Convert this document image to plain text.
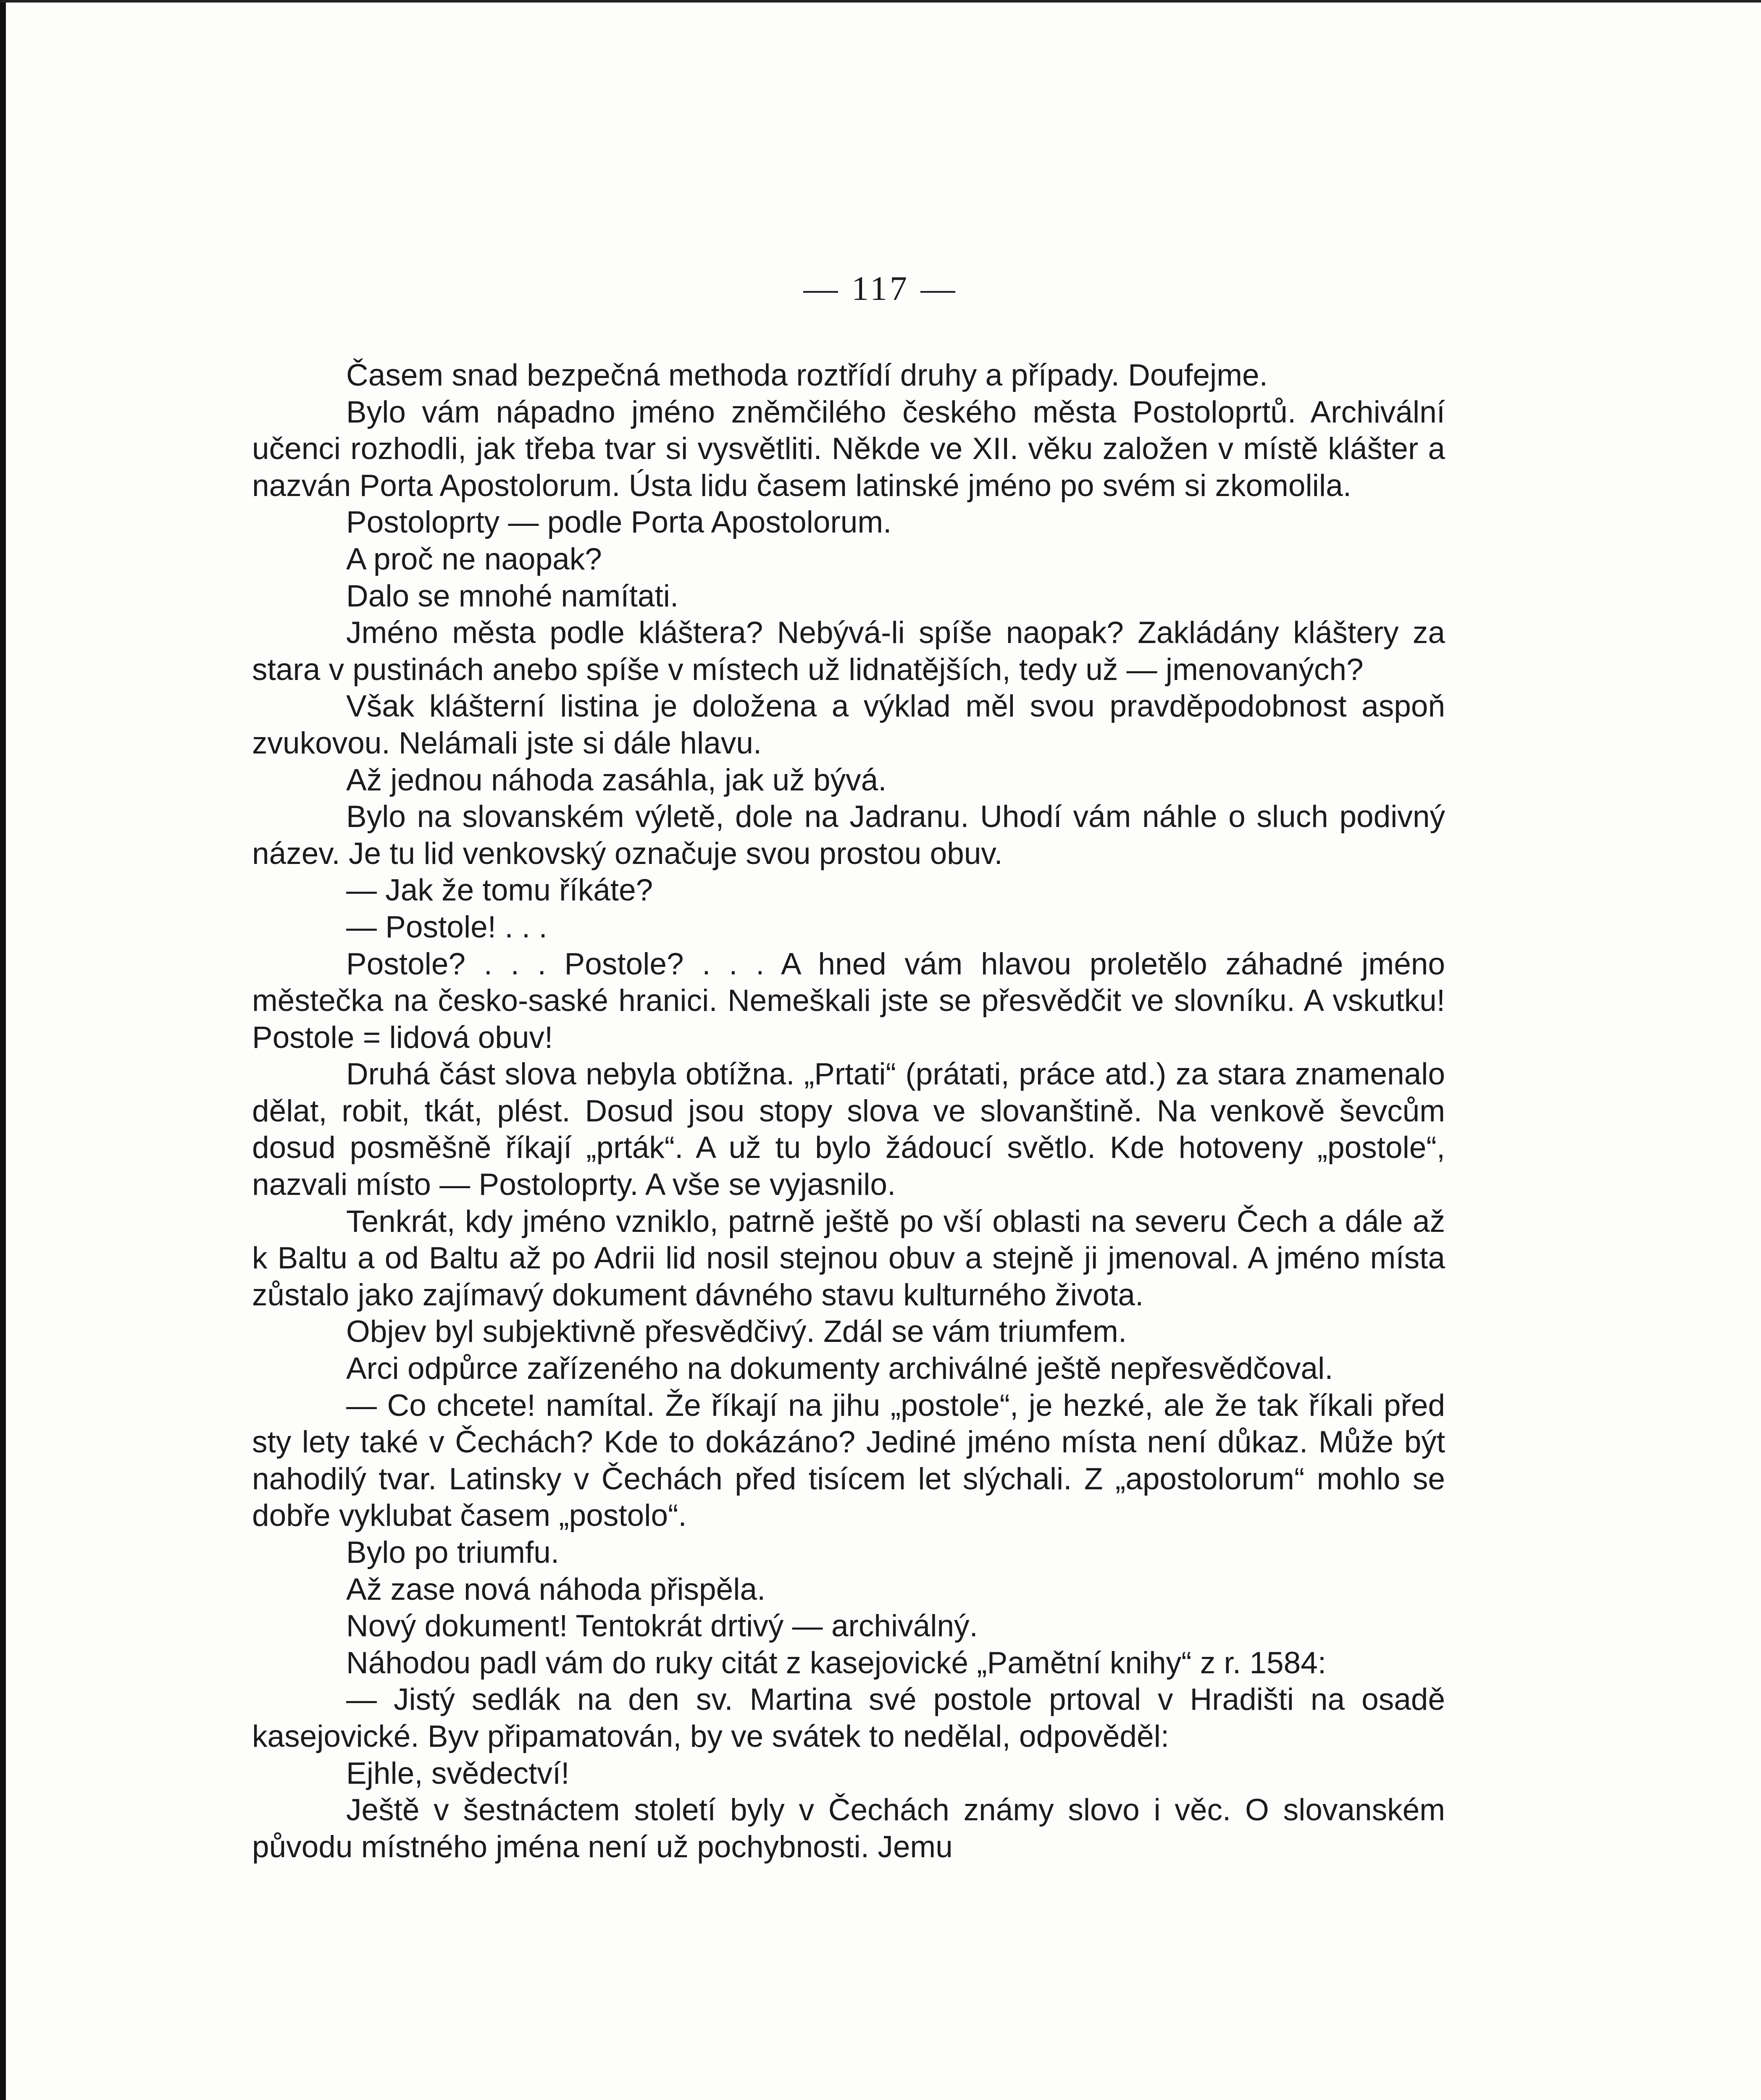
— 117 —

Časem snad bezpečná methoda roztřídí druhy a případy. Doufejme.

Bylo vám nápadno jméno zněmčilého českého města Postoloprtů. Archivální učenci rozhodli, jak třeba tvar si vysvětliti. Někde ve XII. věku založen v místě klášter a nazván Porta Apostolorum. Ústa lidu časem latinské jméno po svém si zkomolila.

Postoloprty — podle Porta Apostolorum.

A proč ne naopak?

Dalo se mnohé namítati.

Jméno města podle kláštera? Nebývá-li spíše naopak? Zakládány kláštery za stara v pustinách anebo spíše v místech už lidnatějších, tedy už — jmenovaných?

Však klášterní listina je doložena a výklad měl svou pravděpodobnost aspoň zvukovou. Nelámali jste si dále hlavu.

Až jednou náhoda zasáhla, jak už bývá.

Bylo na slovanském výletě, dole na Jadranu. Uhodí vám náhle o sluch podivný název. Je tu lid venkovský označuje svou prostou obuv.

— Jak že tomu říkáte?

— Postole! . . .

Postole? . . . Postole? . . . A hned vám hlavou proletělo záhadné jméno městečka na česko-saské hranici. Nemeškali jste se přesvědčit ve slovníku. A vskutku! Postole = lidová obuv!

Druhá část slova nebyla obtížna. „Prtati“ (prátati, práce atd.) za stara znamenalo dělat, robit, tkát, plést. Dosud jsou stopy slova ve slovanštině. Na venkově ševcům dosud posměšně říkají „prták“. A už tu bylo žádoucí světlo. Kde hotoveny „postole“, nazvali místo — Postoloprty. A vše se vyjasnilo.

Tenkrát, kdy jméno vzniklo, patrně ještě po vší oblasti na severu Čech a dále až k Baltu a od Baltu až po Adrii lid nosil stejnou obuv a stejně ji jmenoval. A jméno místa zůstalo jako zajímavý dokument dávného stavu kulturného života.

Objev byl subjektivně přesvědčivý. Zdál se vám triumfem.

Arci odpůrce zařízeného na dokumenty archiválné ještě nepřesvědčoval.

— Co chcete! namítal. Že říkají na jihu „postole“, je hezké, ale že tak říkali před sty lety také v Čechách? Kde to dokázáno? Jediné jméno místa není důkaz. Může být nahodilý tvar. Latinsky v Čechách před tisícem let slýchali. Z „apostolorum“ mohlo se dobře vyklubat časem „postolo“.

Bylo po triumfu.

Až zase nová náhoda přispěla.

Nový dokument! Tentokrát drtivý — archiválný.

Náhodou padl vám do ruky citát z kasejovické „Pamětní knihy“ z r. 1584:

— Jistý sedlák na den sv. Martina své postole prtoval v Hradišti na osadě kasejovické. Byv připamatován, by ve svátek to nedělal, odpověděl:

Ejhle, svědectví!

Ještě v šestnáctem století byly v Čechách známy slovo i věc. O slovanském původu místného jména není už pochybnosti. Jemu
